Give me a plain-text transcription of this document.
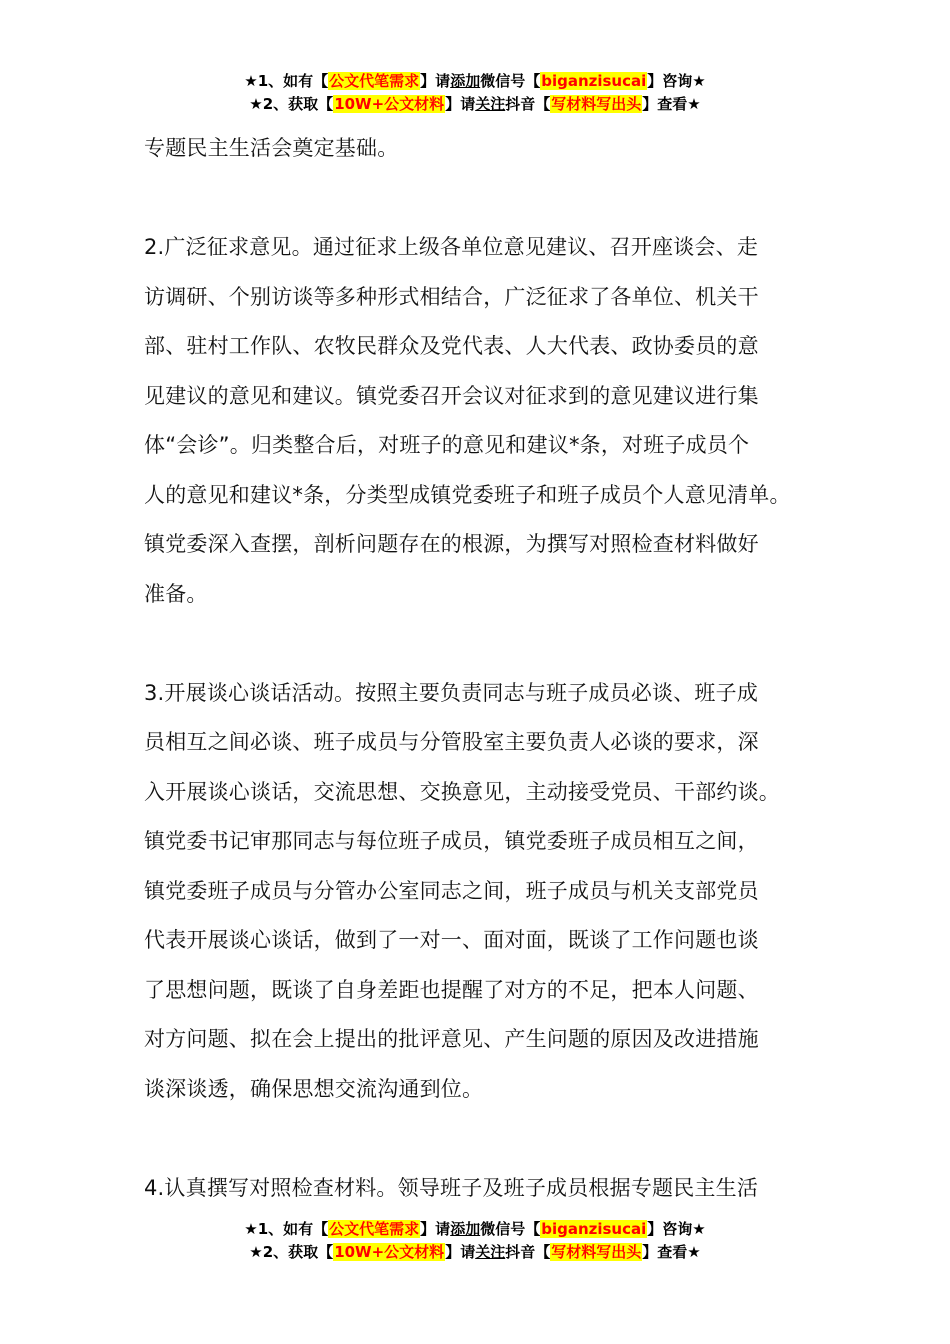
★1、如有【公文代笔需求】请添加微信号【biganzisucai】咨询★
★2、获取【10W+公文材料】请关注抖音【写材料写出头】查看★
专题民主生活会奠定基础。
2.广泛征求意见。通过征求上级各单位意见建议、召开座谈会、走
访调研、个别访谈等多种形式相结合，广泛征求了各单位、机关干
部、驻村工作队、农牧民群众及党代表、人大代表、政协委员的意
见建议的意见和建议。镇党委召开会议对征求到的意见建议进行集
体“会诊”。归类整合后，对班子的意见和建议*条，对班子成员个
人的意见和建议*条，分类型成镇党委班子和班子成员个人意见清单。
镇党委深入查摆，剖析问题存在的根源，为撰写对照检查材料做好
准备。
3.开展谈心谈话活动。按照主要负责同志与班子成员必谈、班子成
员相互之间必谈、班子成员与分管股室主要负责人必谈的要求，深
入开展谈心谈话，交流思想、交换意见，主动接受党员、干部约谈。
镇党委书记审那同志与每位班子成员，镇党委班子成员相互之间，
镇党委班子成员与分管办公室同志之间，班子成员与机关支部党员
代表开展谈心谈话，做到了一对一、面对面，既谈了工作问题也谈
了思想问题，既谈了自身差距也提醒了对方的不足，把本人问题、
对方问题、拟在会上提出的批评意见、产生问题的原因及改进措施
谈深谈透，确保思想交流沟通到位。
4.认真撰写对照检查材料。领导班子及班子成员根据专题民主生活
★1、如有【公文代笔需求】请添加微信号【biganzisucai】咨询★
★2、获取【10W+公文材料】请关注抖音【写材料写出头】查看★
